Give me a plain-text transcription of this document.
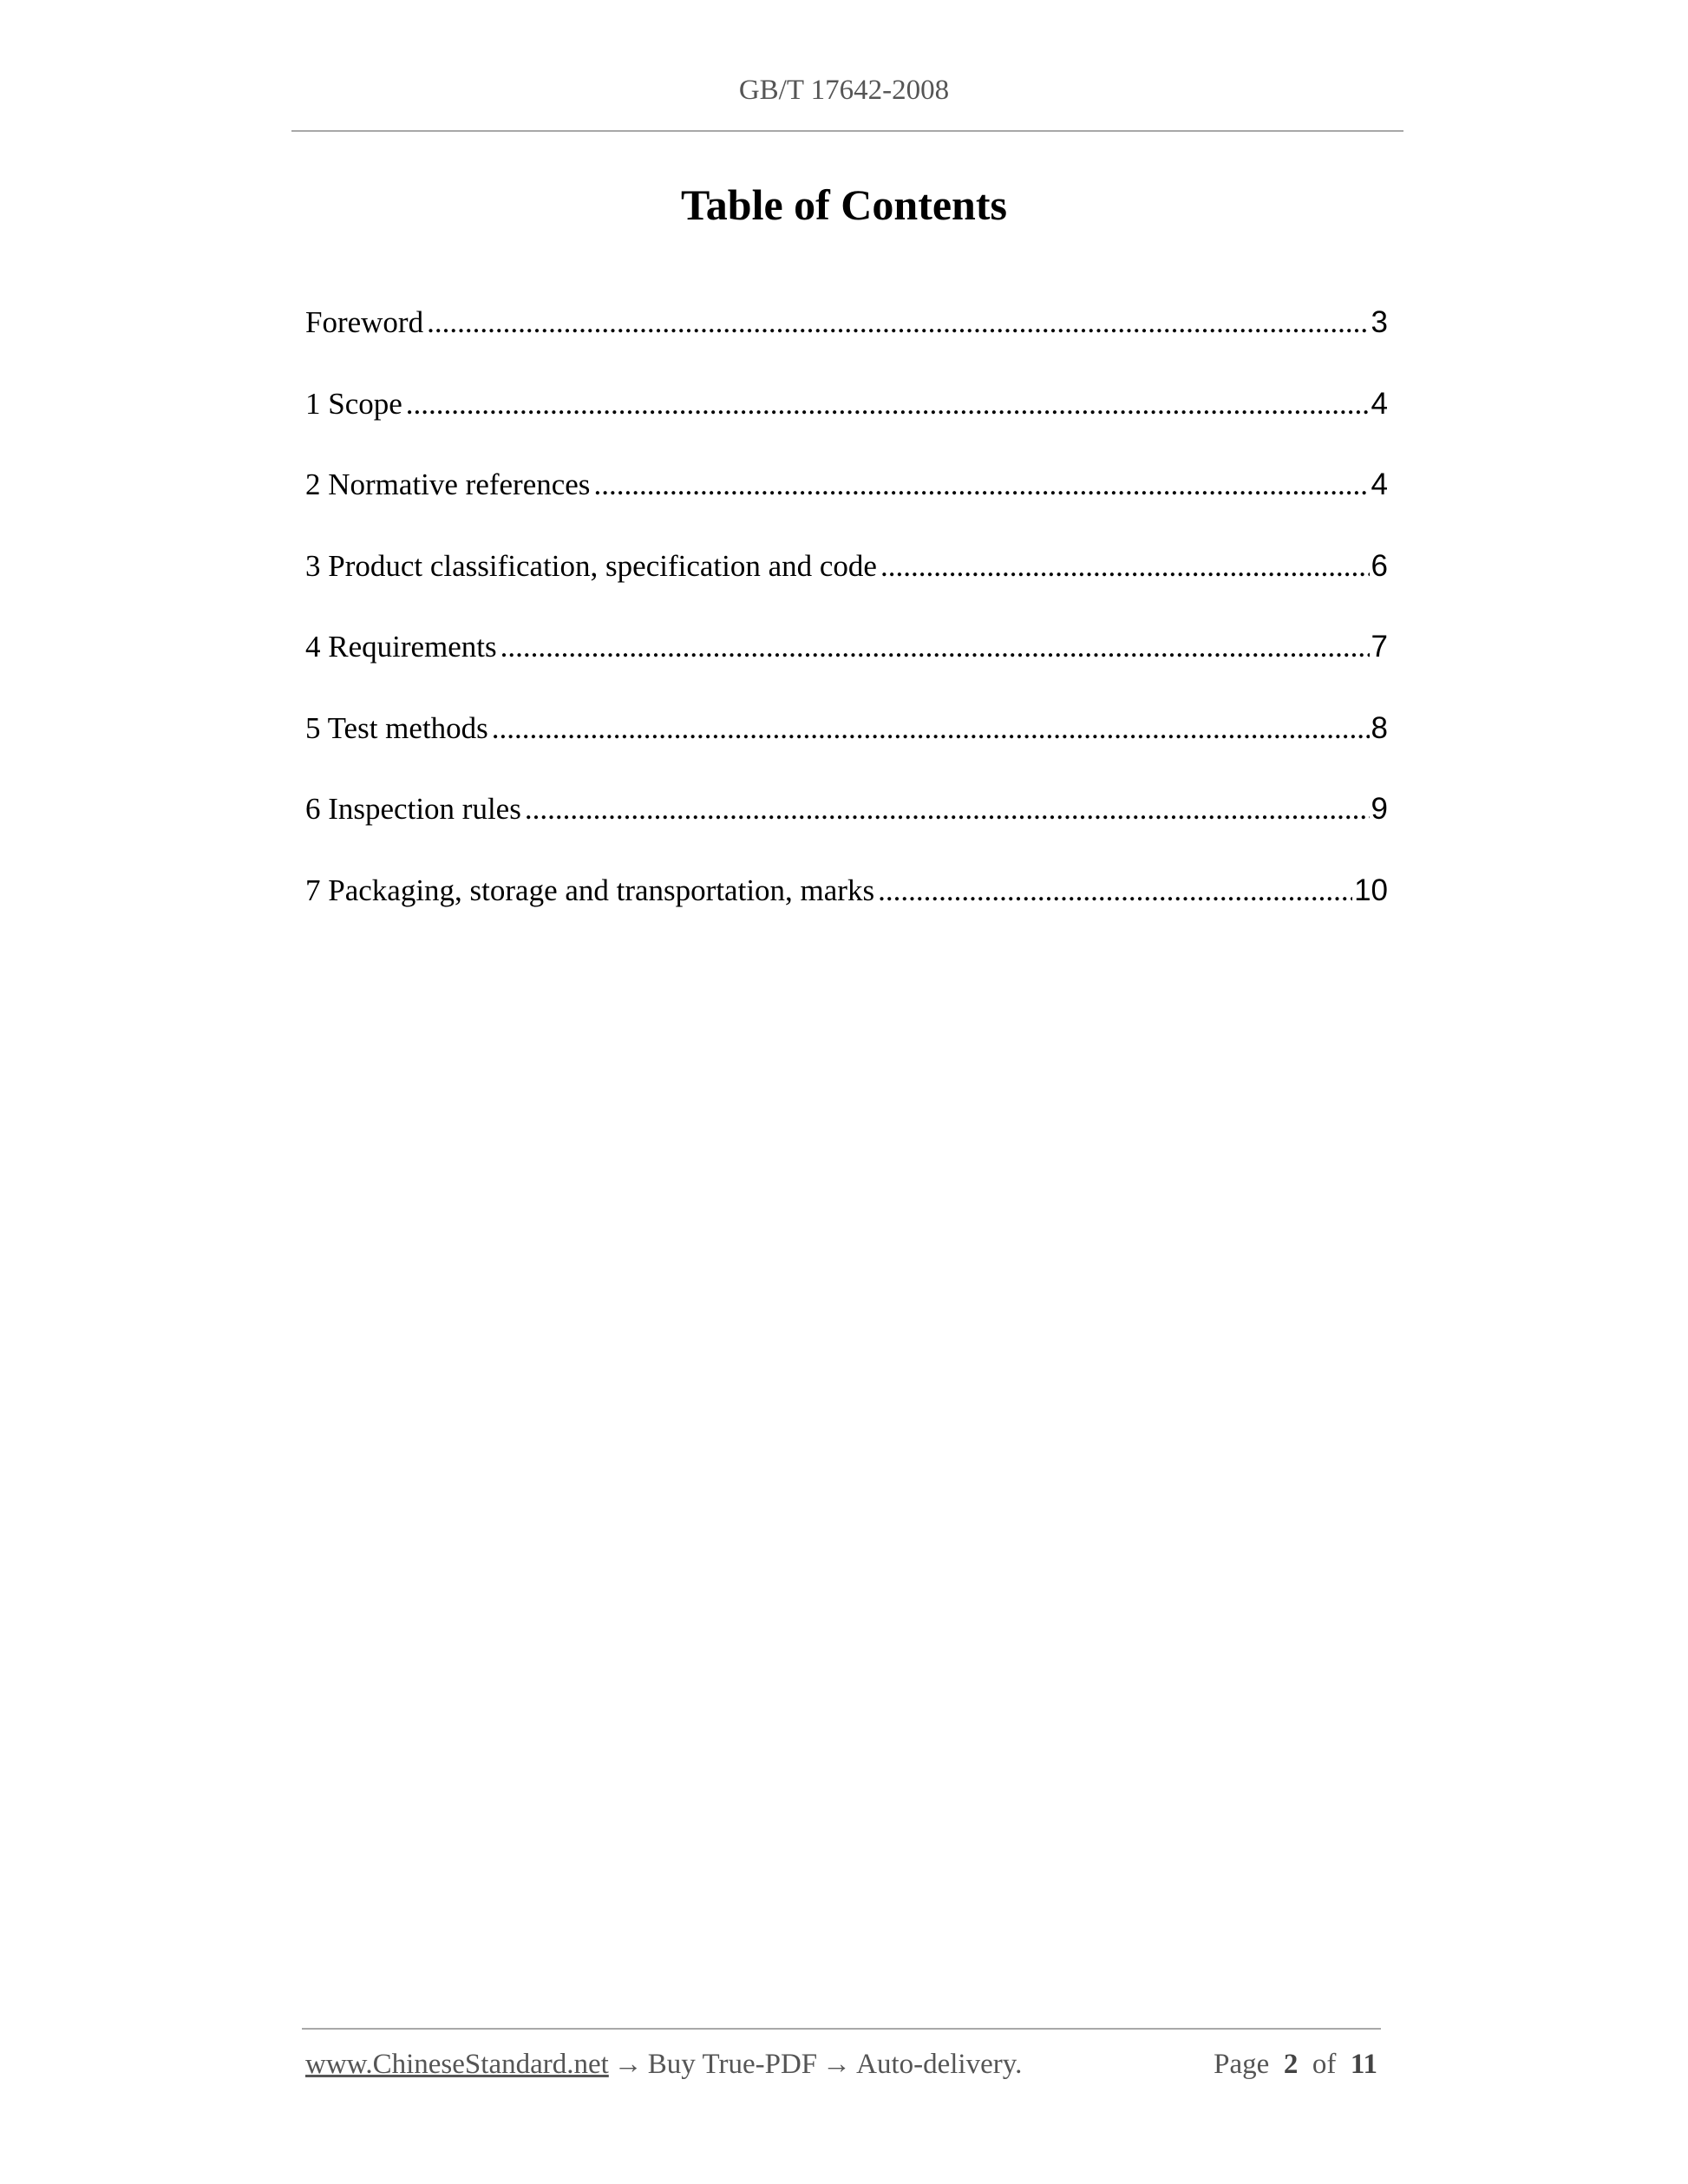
GB/T 17642-2008
Table of Contents
Foreword .....	3
1 Scope .....	4
2 Normative references .....	4
3 Product classification, specification and code .....	6
4 Requirements .....	7
5 Test methods .....	8
6 Inspection rules .....	9
7 Packaging, storage and transportation, marks .....	10
www.ChineseStandard.net → Buy True-PDF → Auto-delivery.	Page 2 of 11
